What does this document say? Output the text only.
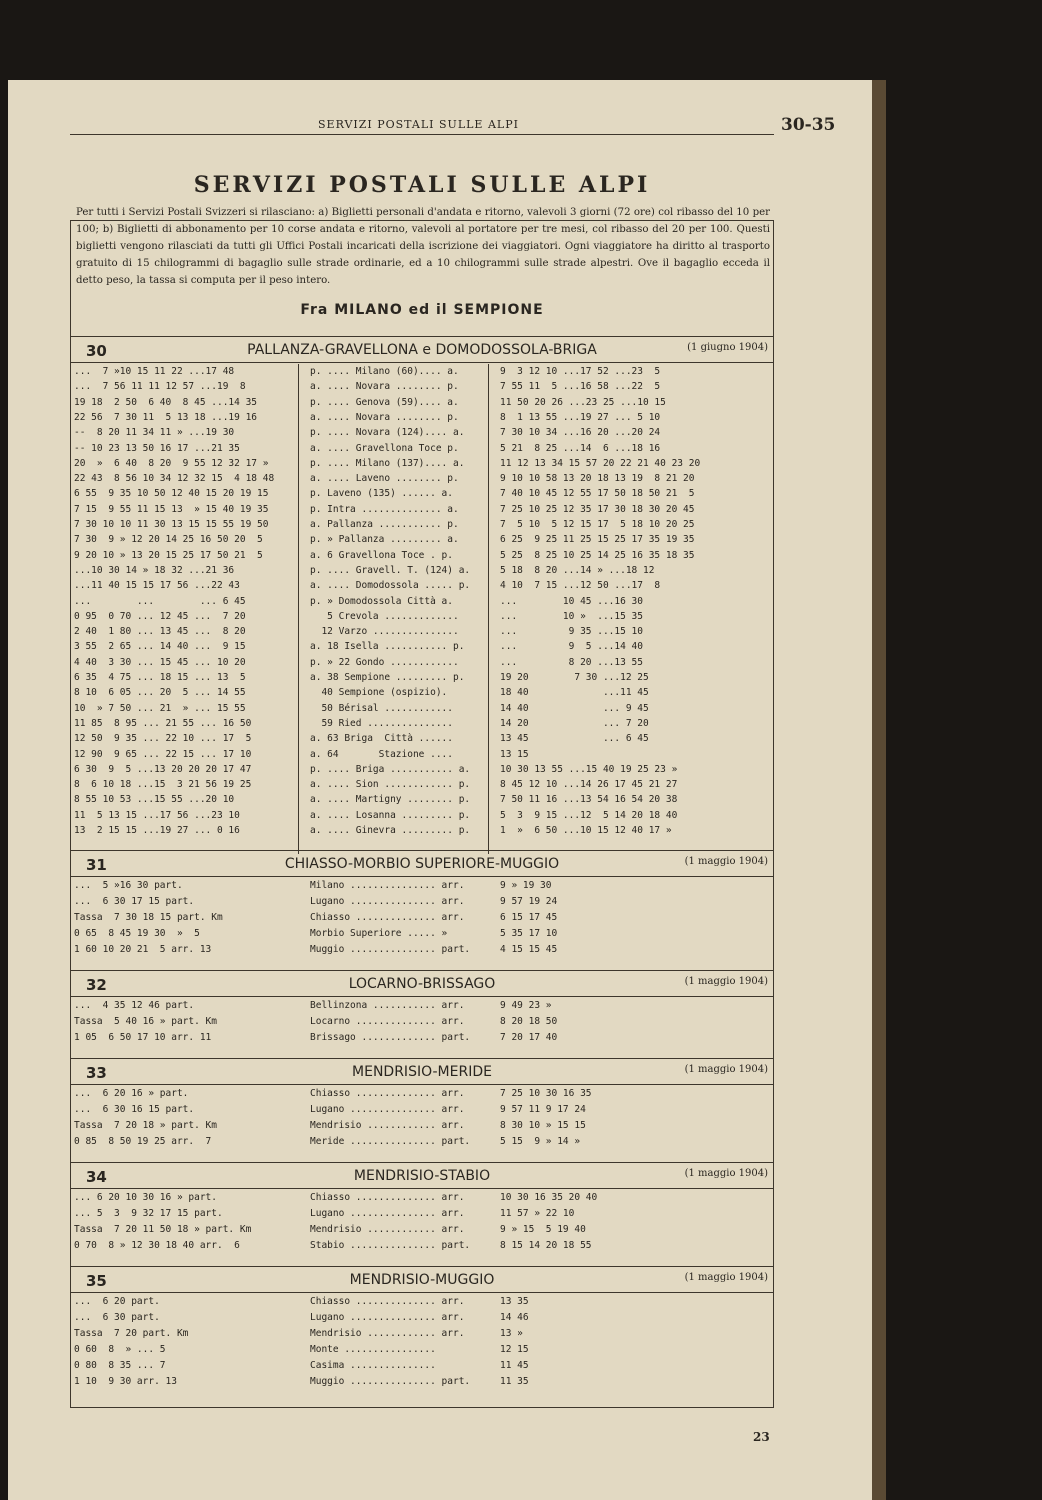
SERVIZI POSTALI SULLE ALPI	30-35
SERVIZI POSTALI SULLE ALPI
Per tutti i Servizi Postali Svizzeri si rilasciano: a) Biglietti personali d'andata e ritorno, valevoli 3 giorni (72 ore) col ribasso del 10 per 100; b) Biglietti di abbonamento per 10 corse andata e ritorno, valevoli al portatore per tre mesi, col ribasso del 20 per 100. Questi biglietti vengono rilasciati da tutti gli Uffici Postali incaricati della iscrizione dei viaggiatori. Ogni viaggiatore ha diritto al trasporto gratuito di 15 chilogrammi di bagaglio sulle strade ordinarie, ed a 10 chilogrammi sulle strade alpestri. Ove il bagaglio ecceda il detto peso, la tassa si computa per il peso intero.
Fra MILANO ed il SEMPIONE
30	PALLANZA-GRAVELLONA e DOMODOSSOLA-BRIGA	(1 giugno 1904)
...  7 »10 15 11 22 ...17 48	p. .... Milano (60).... a.	9  3 12 10 ...17 52 ...23  5
...  7 56 11 11 12 57 ...19  8	a. .... Novara ........ p.	7 55 11  5 ...16 58 ...22  5
19 18  2 50  6 40  8 45 ...14 35	p. .... Genova (59).... a.	11 50 20 26 ...23 25 ...10 15
22 56  7 30 11  5 13 18 ...19 16	a. .... Novara ........ p.	8  1 13 55 ...19 27 ... 5 10
--  8 20 11 34 11 » ...19 30	p. .... Novara (124).... a.	7 30 10 34 ...16 20 ...20 24
-- 10 23 13 50 16 17 ...21 35	a. .... Gravellona Toce p.	5 21  8 25 ...14  6 ...18 16
20  »  6 40  8 20  9 55 12 32 17 »	p. .... Milano (137).... a.	11 12 13 34 15 57 20 22 21 40 23 20
22 43  8 56 10 34 12 32 15  4 18 48	a. .... Laveno ........ p.	9 10 10 58 13 20 18 13 19  8 21 20
6 55  9 35 10 50 12 40 15 20 19 15	p. Laveno (135) ...... a.	7 40 10 45 12 55 17 50 18 50 21  5
7 15  9 55 11 15 13  » 15 40 19 35	p. Intra .............. a.	7 25 10 25 12 35 17 30 18 30 20 45
7 30 10 10 11 30 13 15 15 55 19 50	a. Pallanza ........... p.	7  5 10  5 12 15 17  5 18 10 20 25
7 30  9 » 12 20 14 25 16 50 20  5	p. » Pallanza ......... a.	6 25  9 25 11 25 15 25 17 35 19 35
9 20 10 » 13 20 15 25 17 50 21  5	a. 6 Gravellona Toce . p.	5 25  8 25 10 25 14 25 16 35 18 35
...10 30 14 » 18 32 ...21 36	p. .... Gravell. T. (124) a.	5 18  8 20 ...14 » ...18 12
...11 40 15 15 17 56 ...22 43	a. .... Domodossola ..... p.	4 10  7 15 ...12 50 ...17  8
...        ...        ... 6 45	p. » Domodossola Città a.	...        10 45 ...16 30
0 95  0 70 ... 12 45 ...  7 20	5 Crevola .............	...        10 »  ...15 35
2 40  1 80 ... 13 45 ...  8 20	12 Varzo ...............	...         9 35 ...15 10
3 55  2 65 ... 14 40 ...  9 15	a. 18 Isella ........... p.	...         9  5 ...14 40
4 40  3 30 ... 15 45 ... 10 20	p. » 22 Gondo ............	...         8 20 ...13 55
6 35  4 75 ... 18 15 ... 13  5	a. 38 Sempione ......... p.	19 20        7 30 ...12 25
8 10  6 05 ... 20  5 ... 14 55	40 Sempione (ospizio).	18 40             ...11 45
10  » 7 50 ... 21  » ... 15 55	50 Bérisal ............	14 40             ... 9 45
11 85  8 95 ... 21 55 ... 16 50	59 Ried ...............	14 20             ... 7 20
12 50  9 35 ... 22 10 ... 17  5	a. 63 Briga  Città ......	13 45             ... 6 45
12 90  9 65 ... 22 15 ... 17 10	a. 64       Stazione ....	13 15
6 30  9  5 ...13 20 20 20 17 47	p. .... Briga ........... a.	10 30 13 55 ...15 40 19 25 23 »
8  6 10 18 ...15  3 21 56 19 25	a. .... Sion ............ p.	8 45 12 10 ...14 26 17 45 21 27
8 55 10 53 ...15 55 ...20 10	a. .... Martigny ........ p.	7 50 11 16 ...13 54 16 54 20 38
11  5 13 15 ...17 56 ...23 10	a. .... Losanna ......... p.	5  3  9 15 ...12  5 14 20 18 40
13  2 15 15 ...19 27 ... 0 16	a. .... Ginevra ......... p.	1  »  6 50 ...10 15 12 40 17 »
31	CHIASSO-MORBIO SUPERIORE-MUGGIO	(1 maggio 1904)
...  5 »16 30 part.	Milano ............... arr.	9 » 19 30
...  6 30 17 15 part.	Lugano ............... arr.	9 57 19 24
Tassa  7 30 18 15 part. Km	Chiasso .............. arr.	6 15 17 45
0 65  8 45 19 30  »  5	Morbio Superiore ..... »	5 35 17 10
1 60 10 20 21  5 arr. 13	Muggio ............... part.	4 15 15 45
32	LOCARNO-BRISSAGO	(1 maggio 1904)
...  4 35 12 46 part.	Bellinzona ........... arr.	9 49 23 »
Tassa  5 40 16 » part. Km	Locarno .............. arr.	8 20 18 50
1 05  6 50 17 10 arr. 11	Brissago ............. part.	7 20 17 40
33	MENDRISIO-MERIDE	(1 maggio 1904)
...  6 20 16 » part.	Chiasso .............. arr.	7 25 10 30 16 35
...  6 30 16 15 part.	Lugano ............... arr.	9 57 11 9 17 24
Tassa  7 20 18 » part. Km	Mendrisio ............ arr.	8 30 10 » 15 15
0 85  8 50 19 25 arr.  7	Meride ............... part.	5 15  9 » 14 »
34	MENDRISIO-STABIO	(1 maggio 1904)
... 6 20 10 30 16 » part.	Chiasso .............. arr.	10 30 16 35 20 40
... 5  3  9 32 17 15 part.	Lugano ............... arr.	11 57 » 22 10
Tassa  7 20 11 50 18 » part. Km	Mendrisio ............ arr.	9 » 15  5 19 40
0 70  8 » 12 30 18 40 arr.  6	Stabio ............... part.	8 15 14 20 18 55
35	MENDRISIO-MUGGIO	(1 maggio 1904)
...  6 20 part.	Chiasso .............. arr.	13 35
...  6 30 part.	Lugano ............... arr.	14 46
Tassa  7 20 part. Km	Mendrisio ............ arr.	13 »
0 60  8  » ... 5	Monte ................	12 15
0 80  8 35 ... 7	Casima ...............	11 45
1 10  9 30 arr. 13	Muggio ............... part.	11 35
23
